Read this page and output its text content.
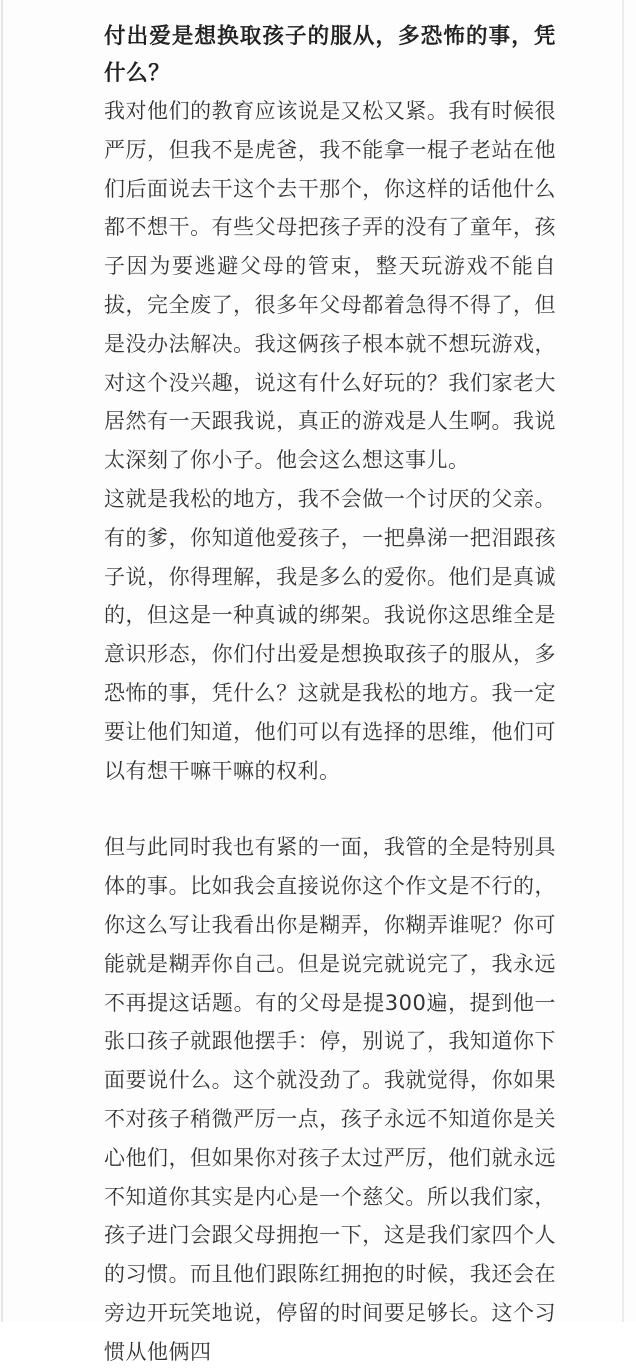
付出爱是想换取孩子的服从，多恐怖的事，凭什么？

我对他们的教育应该说是又松又紧。我有时候很严厉，但我不是虎爸，我不能拿一棍子老站在他们后面说去干这个去干那个，你这样的话他什么都不想干。有些父母把孩子弄的没有了童年，孩子因为要逃避父母的管束，整天玩游戏不能自拔，完全废了，很多年父母都着急得不得了，但是没办法解决。我这俩孩子根本就不想玩游戏，对这个没兴趣，说这有什么好玩的？我们家老大居然有一天跟我说，真正的游戏是人生啊。我说太深刻了你小子。他会这么想这事儿。

这就是我松的地方，我不会做一个讨厌的父亲。有的爹，你知道他爱孩子，一把鼻涕一把泪跟孩子说，你得理解，我是多么的爱你。他们是真诚的，但这是一种真诚的绑架。我说你这思维全是意识形态，你们付出爱是想换取孩子的服从，多恐怖的事，凭什么？这就是我松的地方。我一定要让他们知道，他们可以有选择的思维，他们可以有想干嘛干嘛的权利。

但与此同时我也有紧的一面，我管的全是特别具体的事。比如我会直接说你这个作文是不行的，你这么写让我看出你是糊弄，你糊弄谁呢？你可能就是糊弄你自己。但是说完就说完了，我永远不再提这话题。有的父母是提300遍，提到他一张口孩子就跟他摆手：停，别说了，我知道你下面要说什么。这个就没劲了。我就觉得，你如果不对孩子稍微严厉一点，孩子永远不知道你是关心他们，但如果你对孩子太过严厉，他们就永远不知道你其实是内心是一个慈父。所以我们家，孩子进门会跟父母拥抱一下，这是我们家四个人的习惯。而且他们跟陈红拥抱的时候，我还会在旁边开玩笑地说，停留的时间要足够长。这个习惯从他俩四
